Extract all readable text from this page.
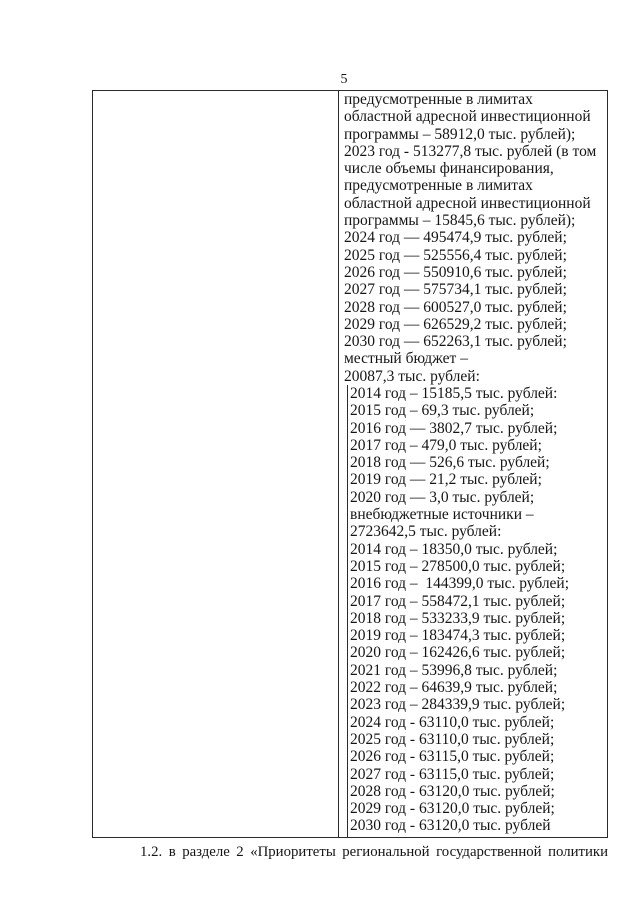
5
предусмотренные в лимитах
областной адресной инвестиционной
программы – 58912,0 тыс. рублей);
2023 год - 513277,8 тыс. рублей (в том
числе объемы финансирования,
предусмотренные в лимитах
областной адресной инвестиционной
программы – 15845,6 тыс. рублей);
2024 год — 495474,9 тыс. рублей;
2025 год — 525556,4 тыс. рублей;
2026 год — 550910,6 тыс. рублей;
2027 год — 575734,1 тыс. рублей;
2028 год — 600527,0 тыс. рублей;
2029 год — 626529,2 тыс. рублей;
2030 год — 652263,1 тыс. рублей;
местный бюджет –
20087,3 тыс. рублей:
2014 год – 15185,5 тыс. рублей:
2015 год – 69,3 тыс. рублей;
2016 год — 3802,7 тыс. рублей;
2017 год – 479,0 тыс. рублей;
2018 год — 526,6 тыс. рублей;
2019 год — 21,2 тыс. рублей;
2020 год — 3,0 тыс. рублей;
внебюджетные источники –
2723642,5 тыс. рублей:
2014 год – 18350,0 тыс. рублей;
2015 год – 278500,0 тыс. рублей;
2016 год –  144399,0 тыс. рублей;
2017 год – 558472,1 тыс. рублей;
2018 год – 533233,9 тыс. рублей;
2019 год – 183474,3 тыс. рублей;
2020 год – 162426,6 тыс. рублей;
2021 год – 53996,8 тыс. рублей;
2022 год – 64639,9 тыс. рублей;
2023 год – 284339,9 тыс. рублей;
2024 год - 63110,0 тыс. рублей;
2025 год - 63110,0 тыс. рублей;
2026 год - 63115,0 тыс. рублей;
2027 год - 63115,0 тыс. рублей;
2028 год - 63120,0 тыс. рублей;
2029 год - 63120,0 тыс. рублей;
2030 год - 63120,0 тыс. рублей
1.2. в разделе 2 «Приоритеты региональной государственной политики
